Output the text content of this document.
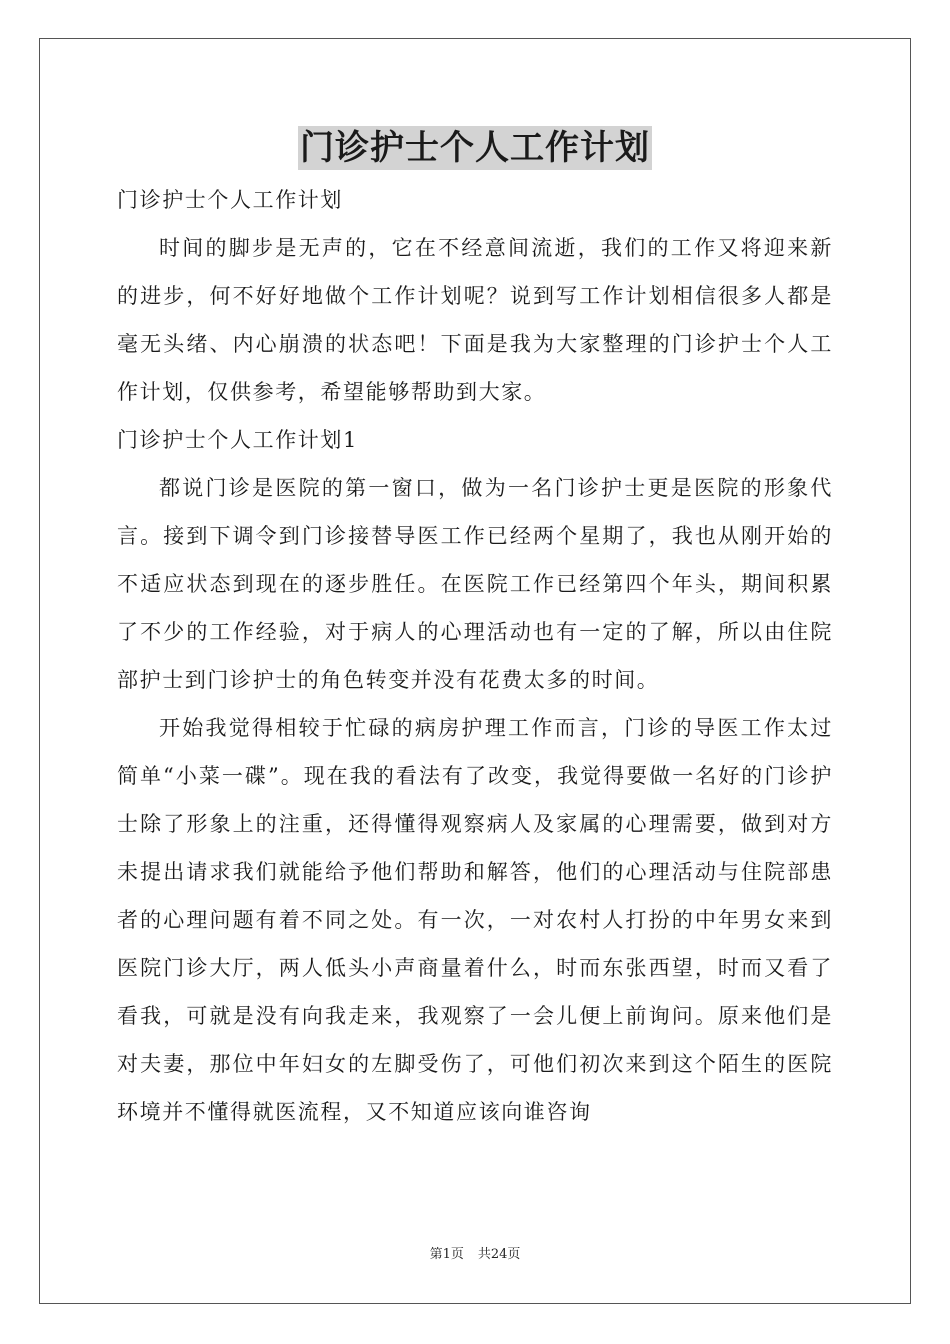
门诊护士个人工作计划

门诊护士个人工作计划

时间的脚步是无声的，它在不经意间流逝，我们的工作又将迎来新的进步，何不好好地做个工作计划呢？说到写工作计划相信很多人都是毫无头绪、内心崩溃的状态吧！下面是我为大家整理的门诊护士个人工作计划，仅供参考，希望能够帮助到大家。

门诊护士个人工作计划1

都说门诊是医院的第一窗口，做为一名门诊护士更是医院的形象代言。接到下调令到门诊接替导医工作已经两个星期了，我也从刚开始的不适应状态到现在的逐步胜任。在医院工作已经第四个年头，期间积累了不少的工作经验，对于病人的心理活动也有一定的了解，所以由住院部护士到门诊护士的角色转变并没有花费太多的时间。

开始我觉得相较于忙碌的病房护理工作而言，门诊的导医工作太过简单“小菜一碟”。现在我的看法有了改变，我觉得要做一名好的门诊护士除了形象上的注重，还得懂得观察病人及家属的心理需要，做到对方未提出请求我们就能给予他们帮助和解答，他们的心理活动与住院部患者的心理问题有着不同之处。有一次，一对农村人打扮的中年男女来到医院门诊大厅，两人低头小声商量着什么，时而东张西望，时而又看了看我，可就是没有向我走来，我观察了一会儿便上前询问。原来他们是对夫妻，那位中年妇女的左脚受伤了，可他们初次来到这个陌生的医院环境并不懂得就医流程，又不知道应该向谁咨询

第1页 共24页
